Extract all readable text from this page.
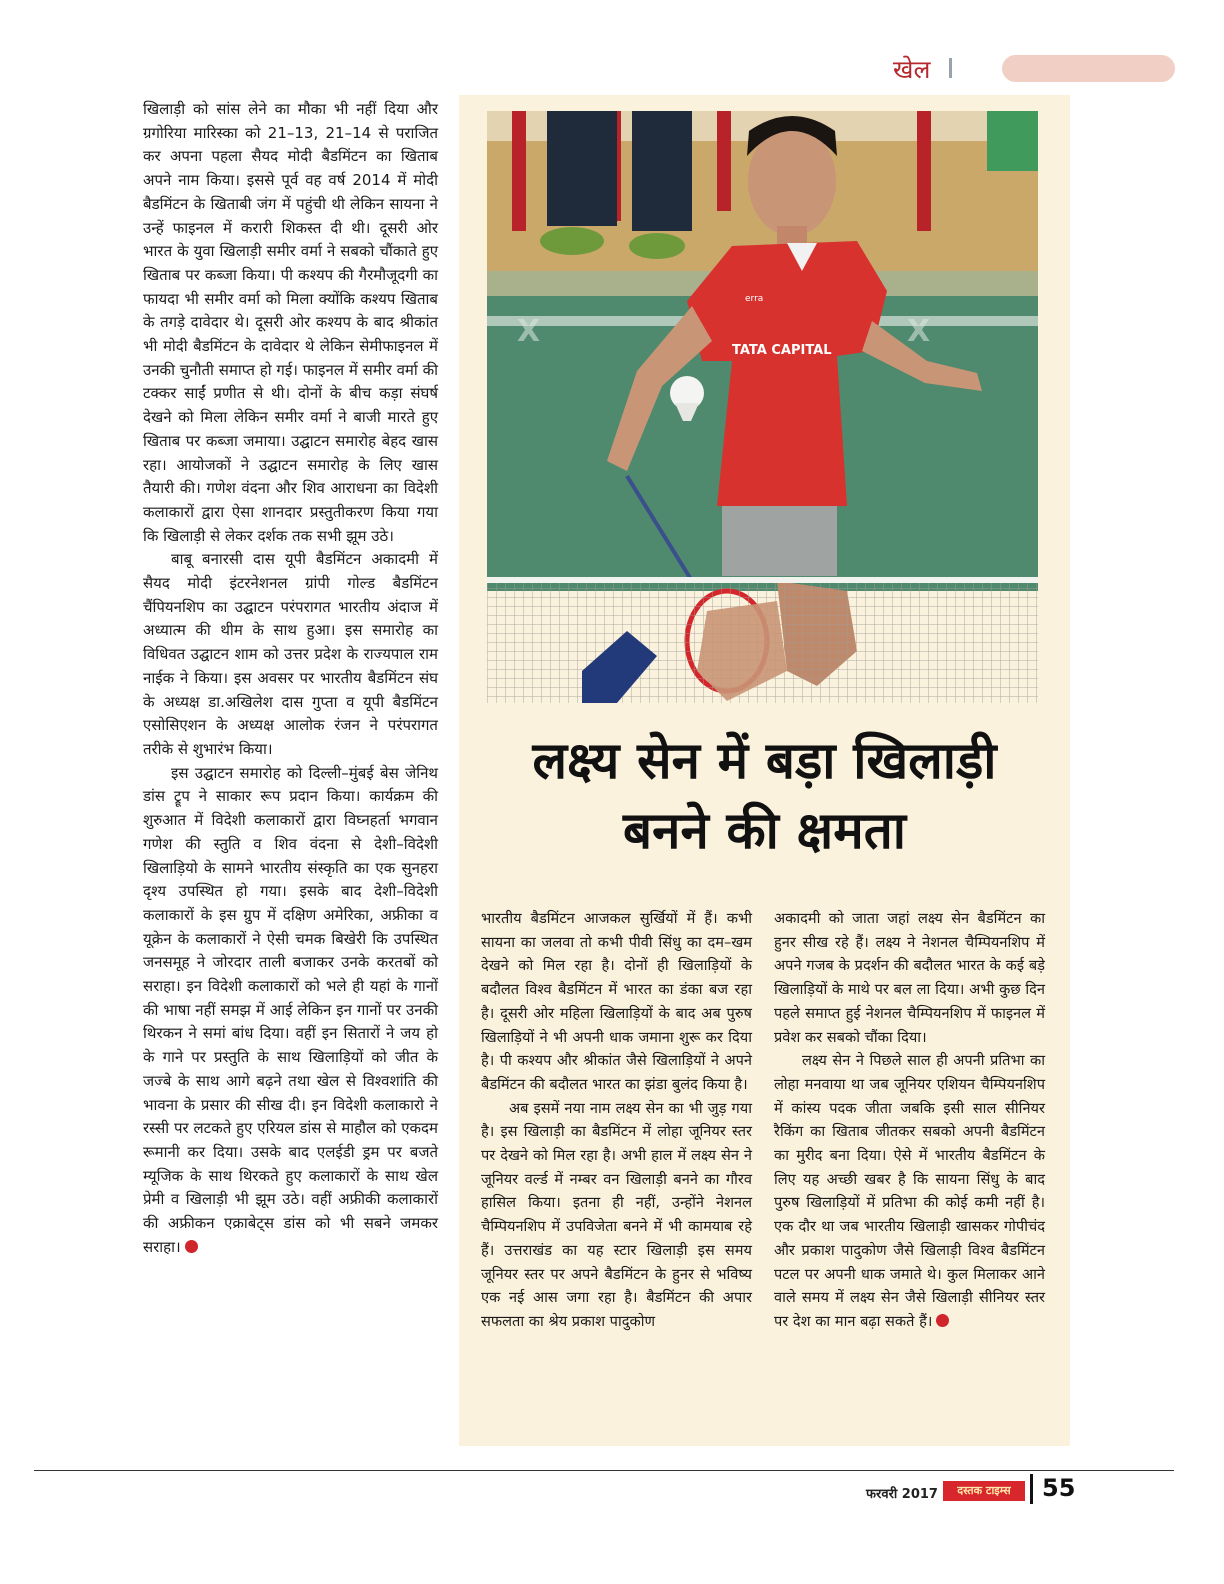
खेल

खिलाड़ी को सांस लेने का मौका भी नहीं दिया और ग्रगोरिया मारिस्का को 21–13, 21–14 से पराजित कर अपना पहला सैयद मोदी बैडमिंटन का खिताब अपने नाम किया। इससे पूर्व वह वर्ष 2014 में मोदी बैडमिंटन के खिताबी जंग में पहुंची थी लेकिन सायना ने उन्हें फाइनल में करारी शिकस्त दी थी। दूसरी ओर भारत के युवा खिलाड़ी समीर वर्मा ने सबको चौंकाते हुए खिताब पर कब्जा किया। पी कश्यप की गैरमौजूदगी का फायदा भी समीर वर्मा को मिला क्योंकि कश्यप खिताब के तगड़े दावेदार थे। दूसरी ओर कश्यप के बाद श्रीकांत भी मोदी बैडमिंटन के दावेदार थे लेकिन सेमीफाइनल में उनकी चुनौती समाप्त हो गई। फाइनल में समीर वर्मा की टक्कर साईं प्रणीत से थी। दोनों के बीच कड़ा संघर्ष देखने को मिला लेकिन समीर वर्मा ने बाजी मारते हुए खिताब पर कब्जा जमाया। उद्घाटन समारोह बेहद खास रहा। आयोजकों ने उद्घाटन समारोह के लिए खास तैयारी की। गणेश वंदना और शिव आराधना का विदेशी कलाकारों द्वारा ऐसा शानदार प्रस्तुतीकरण किया गया कि खिलाड़ी से लेकर दर्शक तक सभी झूम उठे।

बाबू बनारसी दास यूपी बैडमिंटन अकादमी में सैयद मोदी इंटरनेशनल ग्रांपी गोल्ड बैडमिंटन चैंपियनशिप का उद्घाटन परंपरागत भारतीय अंदाज में अध्यात्म की थीम के साथ हुआ। इस समारोह का विधिवत उद्घाटन शाम को उत्तर प्रदेश के राज्यपाल राम नाईक ने किया। इस अवसर पर भारतीय बैडमिंटन संघ के अध्यक्ष डा.अखिलेश दास गुप्ता व यूपी बैडमिंटन एसोसिएशन के अध्यक्ष आलोक रंजन ने परंपरागत तरीके से शुभारंभ किया।

इस उद्घाटन समारोह को दिल्ली–मुंबई बेस जेनिथ डांस ट्रूप ने साकार रूप प्रदान किया। कार्यक्रम की शुरुआत में विदेशी कलाकारों द्वारा विघ्नहर्ता भगवान गणेश की स्तुति व शिव वंदना से देशी–विदेशी खिलाड़ियो के सामने भारतीय संस्कृति का एक सुनहरा दृश्य उपस्थित हो गया। इसके बाद देशी–विदेशी कलाकारों के इस ग्रुप में दक्षिण अमेरिका, अफ्रीका व यूक्रेन के कलाकारों ने ऐसी चमक बिखेरी कि उपस्थित जनसमूह ने जोरदार ताली बजाकर उनके करतबों को सराहा। इन विदेशी कलाकारों को भले ही यहां के गानों की भाषा नहीं समझ में आई लेकिन इन गानों पर उनकी थिरकन ने समां बांध दिया। वहीं इन सितारों ने जय हो के गाने पर प्रस्तुति के साथ खिलाड़ियों को जीत के जज्बे के साथ आगे बढ़ने तथा खेल से विश्वशांति की भावना के प्रसार की सीख दी। इन विदेशी कलाकारो ने रस्सी पर लटकते हुए एरियल डांस से माहौल को एकदम रूमानी कर दिया। उसके बाद एलईडी ड्रम पर बजते म्यूजिक के साथ थिरकते हुए कलाकारों के साथ खेल प्रेमी व खिलाड़ी भी झूम उठे। वहीं अफ्रीकी कलाकारों की अफ्रीकन एक्राबेट्स डांस को भी सबने जमकर सराहा।

X	X
TATA CAPITAL
erra
लक्ष्य सेन में बड़ा खिलाड़ी
बनने की क्षमता

भारतीय बैडमिंटन आजकल सुर्खियों में हैं। कभी सायना का जलवा तो कभी पीवी सिंधु का दम–खम देखने को मिल रहा है। दोनों ही खिलाड़ियों के बदौलत विश्व बैडमिंटन में भारत का डंका बज रहा है। दूसरी ओर महिला खिलाड़ियों के बाद अब पुरुष खिलाड़ियों ने भी अपनी धाक जमाना शुरू कर दिया है। पी कश्यप और श्रीकांत जैसे खिलाड़ियों ने अपने बैडमिंटन की बदौलत भारत का झंडा बुलंद किया है।

अब इसमें नया नाम लक्ष्य सेन का भी जुड़ गया है। इस खिलाड़ी का बैडमिंटन में लोहा जूनियर स्तर पर देखने को मिल रहा है। अभी हाल में लक्ष्य सेन ने जूनियर वर्ल्ड में नम्बर वन खिलाड़ी बनने का गौरव हासिल किया। इतना ही नहीं, उन्होंने नेशनल चैम्पियनशिप में उपविजेता बनने में भी कामयाब रहे हैं। उत्तराखंड का यह स्टार खिलाड़ी इस समय जूनियर स्तर पर अपने बैडमिंटन के हुनर से भविष्य एक नई आस जगा रहा है। बैडमिंटन की अपार सफलता का श्रेय प्रकाश पादुकोण

अकादमी को जाता जहां लक्ष्य सेन बैडमिंटन का हुनर सीख रहे हैं। लक्ष्य ने नेशनल चैम्पियनशिप में अपने गजब के प्रदर्शन की बदौलत भारत के कई बड़े खिलाड़ियों के माथे पर बल ला दिया। अभी कुछ दिन पहले समाप्त हुई नेशनल चैम्पियनशिप में फाइनल में प्रवेश कर सबको चौंका दिया।

लक्ष्य सेन ने पिछले साल ही अपनी प्रतिभा का लोहा मनवाया था जब जूनियर एशियन चैम्पियनशिप में कांस्य पदक जीता जबकि इसी साल सीनियर रैकिंग का खिताब जीतकर सबको अपनी बैडमिंटन का मुरीद बना दिया। ऐसे में भारतीय बैडमिंटन के लिए यह अच्छी खबर है कि सायना सिंधु के बाद पुरुष खिलाड़ियों में प्रतिभा की कोई कमी नहीं है। एक दौर था जब भारतीय खिलाड़ी खासकर गोपीचंद और प्रकाश पादुकोण जैसे खिलाड़ी विश्व बैडमिंटन पटल पर अपनी धाक जमाते थे। कुल मिलाकर आने वाले समय में लक्ष्य सेन जैसे खिलाड़ी सीनियर स्तर पर देश का मान बढ़ा सकते हैं।

फरवरी 2017	दस्तक टाइम्स	55
